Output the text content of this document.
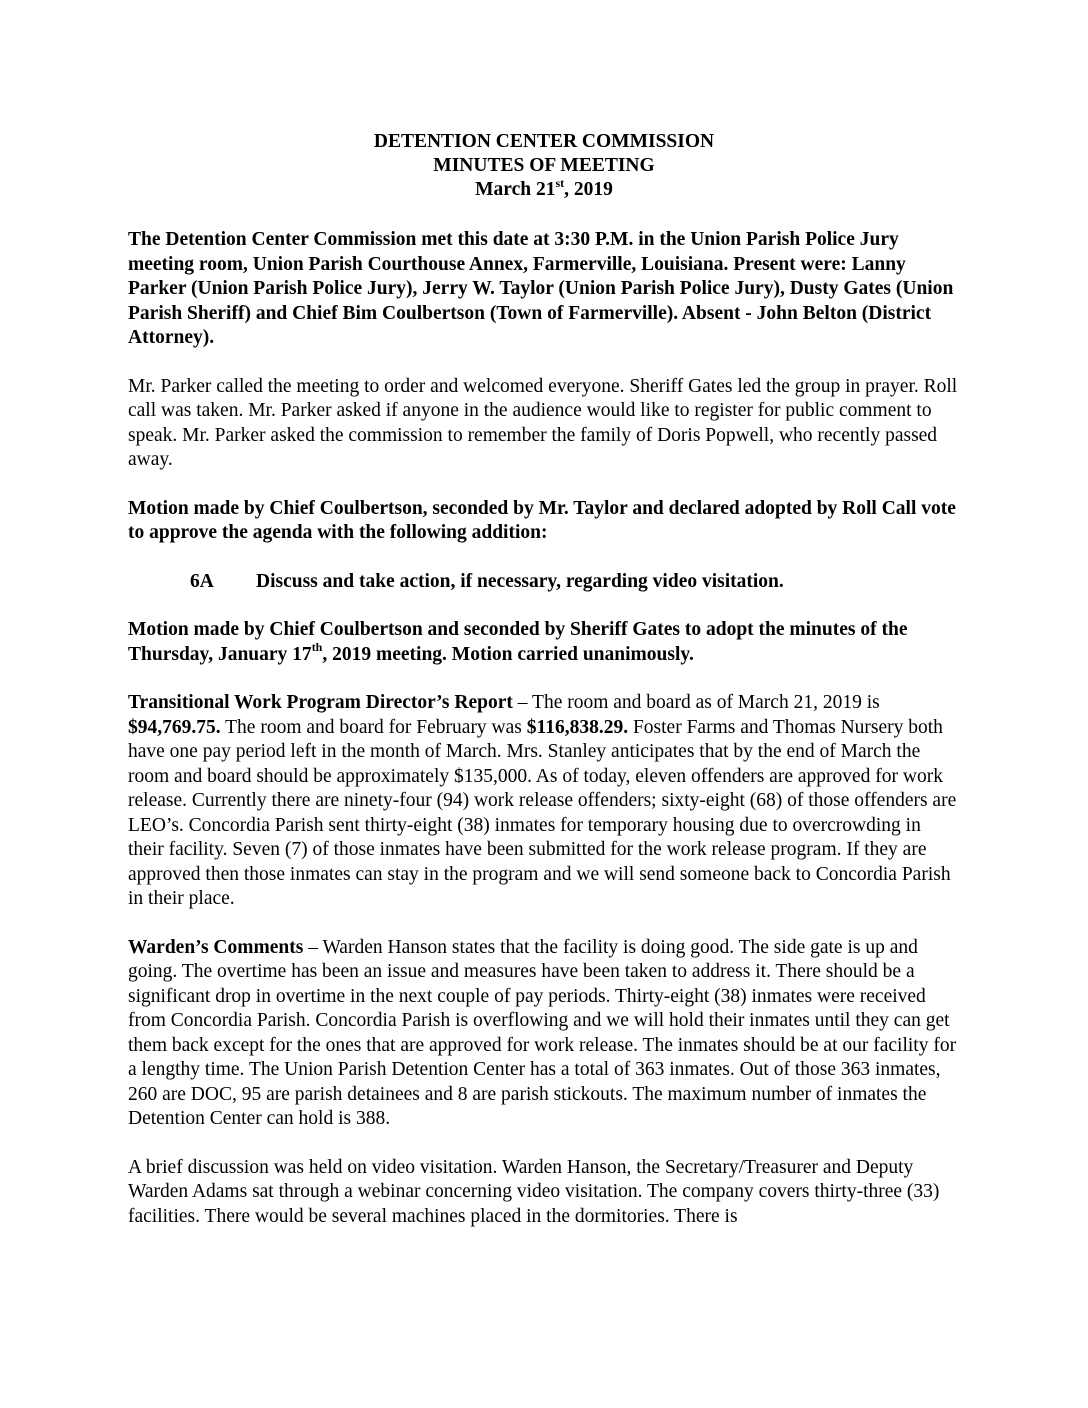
DETENTION CENTER COMMISSION
MINUTES OF MEETING
March 21st, 2019

The Detention Center Commission met this date at 3:30 P.M. in the Union Parish Police Jury meeting room, Union Parish Courthouse Annex, Farmerville, Louisiana. Present were: Lanny Parker (Union Parish Police Jury), Jerry W. Taylor (Union Parish Police Jury), Dusty Gates (Union Parish Sheriff) and Chief Bim Coulbertson (Town of Farmerville). Absent - John Belton (District Attorney).

Mr. Parker called the meeting to order and welcomed everyone. Sheriff Gates led the group in prayer. Roll call was taken. Mr. Parker asked if anyone in the audience would like to register for public comment to speak. Mr. Parker asked the commission to remember the family of Doris Popwell, who recently passed away.

Motion made by Chief Coulbertson, seconded by Mr. Taylor and declared adopted by Roll Call vote to approve the agenda with the following addition:

6A Discuss and take action, if necessary, regarding video visitation.

Motion made by Chief Coulbertson and seconded by Sheriff Gates to adopt the minutes of the Thursday, January 17th, 2019 meeting. Motion carried unanimously.

Transitional Work Program Director’s Report – The room and board as of March 21, 2019 is $94,769.75. The room and board for February was $116,838.29. Foster Farms and Thomas Nursery both have one pay period left in the month of March. Mrs. Stanley anticipates that by the end of March the room and board should be approximately $135,000. As of today, eleven offenders are approved for work release. Currently there are ninety-four (94) work release offenders; sixty-eight (68) of those offenders are LEO’s. Concordia Parish sent thirty-eight (38) inmates for temporary housing due to overcrowding in their facility. Seven (7) of those inmates have been submitted for the work release program. If they are approved then those inmates can stay in the program and we will send someone back to Concordia Parish in their place.

Warden’s Comments – Warden Hanson states that the facility is doing good. The side gate is up and going. The overtime has been an issue and measures have been taken to address it. There should be a significant drop in overtime in the next couple of pay periods. Thirty-eight (38) inmates were received from Concordia Parish. Concordia Parish is overflowing and we will hold their inmates until they can get them back except for the ones that are approved for work release. The inmates should be at our facility for a lengthy time. The Union Parish Detention Center has a total of 363 inmates. Out of those 363 inmates, 260 are DOC, 95 are parish detainees and 8 are parish stickouts. The maximum number of inmates the Detention Center can hold is 388.

A brief discussion was held on video visitation. Warden Hanson, the Secretary/Treasurer and Deputy Warden Adams sat through a webinar concerning video visitation. The company covers thirty-three (33) facilities. There would be several machines placed in the dormitories. There is
